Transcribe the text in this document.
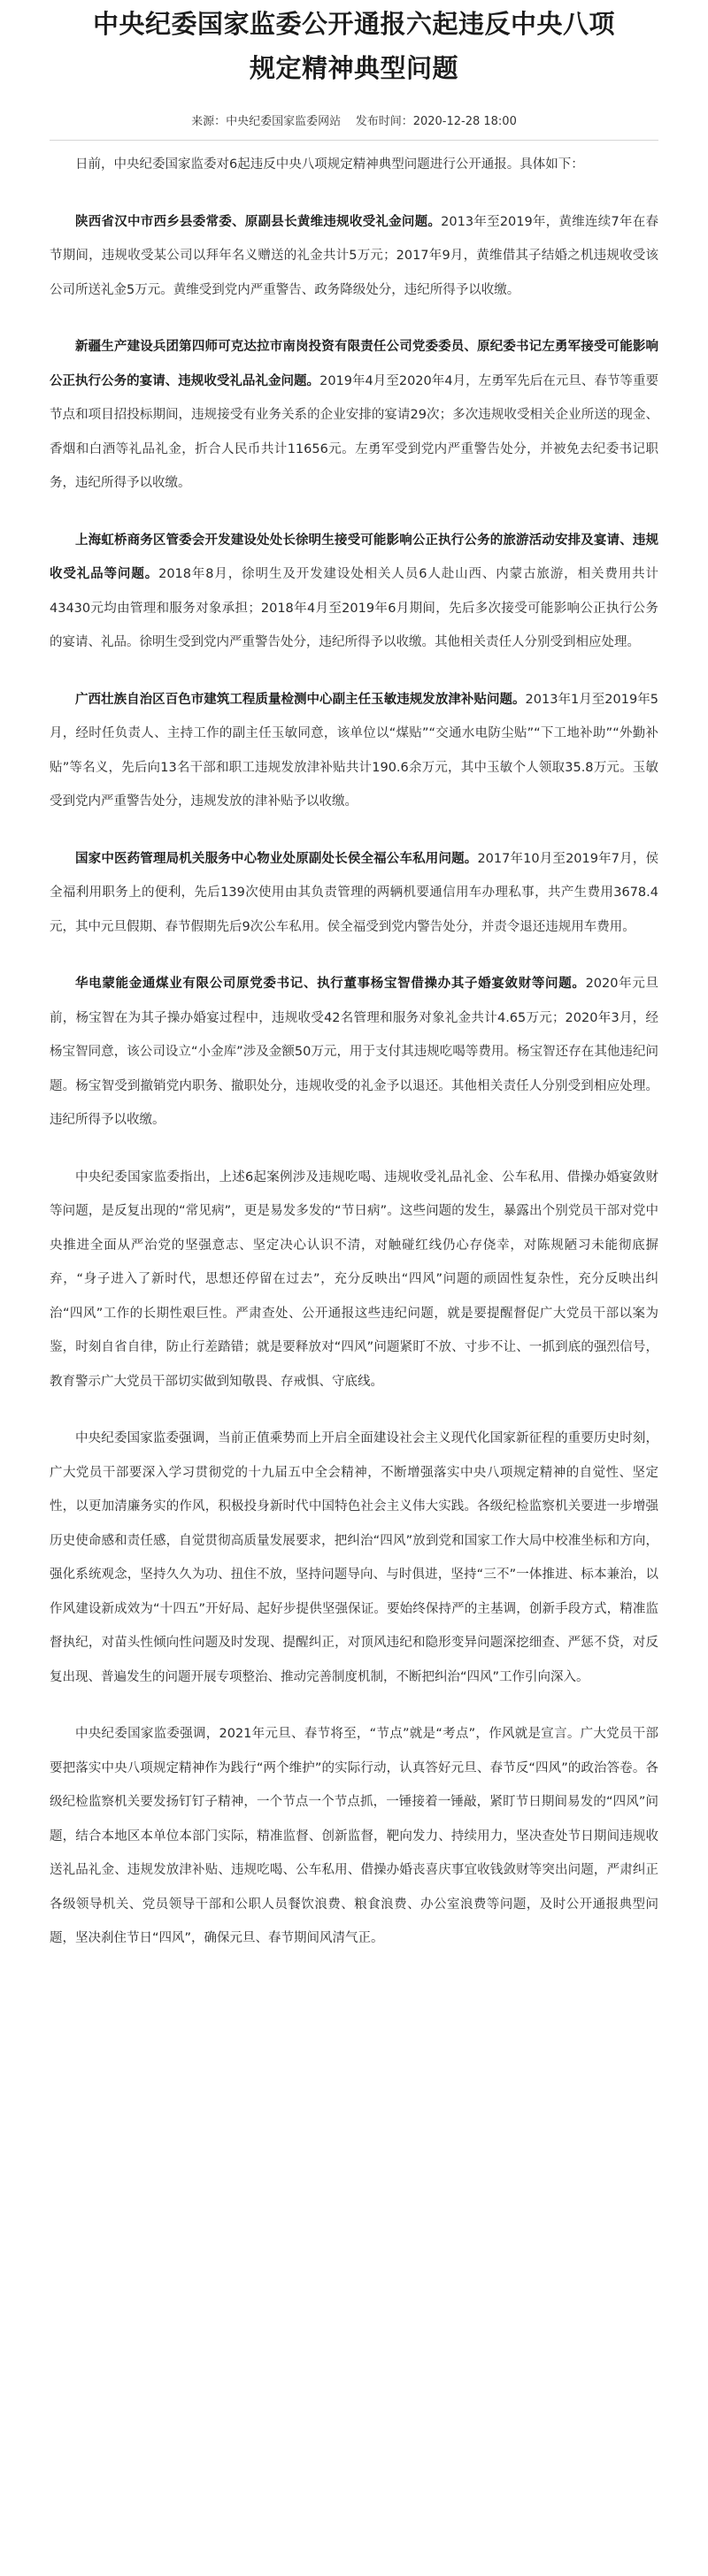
中央纪委国家监委公开通报六起违反中央八项
规定精神典型问题
来源：中央纪委国家监委网站 发布时间：2020-12-28 18:00

日前，中央纪委国家监委对6起违反中央八项规定精神典型问题进行公开通报。具体如下：

陕西省汉中市西乡县委常委、原副县长黄维违规收受礼金问题。2013年至2019年，黄维连续7年在春节期间，违规收受某公司以拜年名义赠送的礼金共计5万元；2017年9月，黄维借其子结婚之机违规收受该公司所送礼金5万元。黄维受到党内严重警告、政务降级处分，违纪所得予以收缴。

新疆生产建设兵团第四师可克达拉市南岗投资有限责任公司党委委员、原纪委书记左勇军接受可能影响公正执行公务的宴请、违规收受礼品礼金问题。2019年4月至2020年4月，左勇军先后在元旦、春节等重要节点和项目招投标期间，违规接受有业务关系的企业安排的宴请29次；多次违规收受相关企业所送的现金、香烟和白酒等礼品礼金，折合人民币共计11656元。左勇军受到党内严重警告处分，并被免去纪委书记职务，违纪所得予以收缴。

上海虹桥商务区管委会开发建设处处长徐明生接受可能影响公正执行公务的旅游活动安排及宴请、违规收受礼品等问题。2018年8月，徐明生及开发建设处相关人员6人赴山西、内蒙古旅游，相关费用共计43430元均由管理和服务对象承担；2018年4月至2019年6月期间，先后多次接受可能影响公正执行公务的宴请、礼品。徐明生受到党内严重警告处分，违纪所得予以收缴。其他相关责任人分别受到相应处理。

广西壮族自治区百色市建筑工程质量检测中心副主任玉敏违规发放津补贴问题。2013年1月至2019年5月，经时任负责人、主持工作的副主任玉敏同意，该单位以“煤贴”“交通水电防尘贴”“下工地补助”“外勤补贴”等名义，先后向13名干部和职工违规发放津补贴共计190.6余万元，其中玉敏个人领取35.8万元。玉敏受到党内严重警告处分，违规发放的津补贴予以收缴。

国家中医药管理局机关服务中心物业处原副处长侯全福公车私用问题。2017年10月至2019年7月，侯全福利用职务上的便利，先后139次使用由其负责管理的两辆机要通信用车办理私事，共产生费用3678.4元，其中元旦假期、春节假期先后9次公车私用。侯全福受到党内警告处分，并责令退还违规用车费用。

华电蒙能金通煤业有限公司原党委书记、执行董事杨宝智借操办其子婚宴敛财等问题。2020年元旦前，杨宝智在为其子操办婚宴过程中，违规收受42名管理和服务对象礼金共计4.65万元；2020年3月，经杨宝智同意，该公司设立“小金库”涉及金额50万元，用于支付其违规吃喝等费用。杨宝智还存在其他违纪问题。杨宝智受到撤销党内职务、撤职处分，违规收受的礼金予以退还。其他相关责任人分别受到相应处理。违纪所得予以收缴。

中央纪委国家监委指出，上述6起案例涉及违规吃喝、违规收受礼品礼金、公车私用、借操办婚宴敛财等问题，是反复出现的“常见病”，更是易发多发的“节日病”。这些问题的发生，暴露出个别党员干部对党中央推进全面从严治党的坚强意志、坚定决心认识不清，对触碰红线仍心存侥幸，对陈规陋习未能彻底摒弃，“身子进入了新时代，思想还停留在过去”，充分反映出“四风”问题的顽固性复杂性，充分反映出纠治“四风”工作的长期性艰巨性。严肃查处、公开通报这些违纪问题，就是要提醒督促广大党员干部以案为鉴，时刻自省自律，防止行差踏错；就是要释放对“四风”问题紧盯不放、寸步不让、一抓到底的强烈信号，教育警示广大党员干部切实做到知敬畏、存戒惧、守底线。

中央纪委国家监委强调，当前正值乘势而上开启全面建设社会主义现代化国家新征程的重要历史时刻，广大党员干部要深入学习贯彻党的十九届五中全会精神，不断增强落实中央八项规定精神的自觉性、坚定性，以更加清廉务实的作风，积极投身新时代中国特色社会主义伟大实践。各级纪检监察机关要进一步增强历史使命感和责任感，自觉贯彻高质量发展要求，把纠治“四风”放到党和国家工作大局中校准坐标和方向，强化系统观念，坚持久久为功、扭住不放，坚持问题导向、与时俱进，坚持“三不”一体推进、标本兼治，以作风建设新成效为“十四五”开好局、起好步提供坚强保证。要始终保持严的主基调，创新手段方式，精准监督执纪，对苗头性倾向性问题及时发现、提醒纠正，对顶风违纪和隐形变异问题深挖细查、严惩不贷，对反复出现、普遍发生的问题开展专项整治、推动完善制度机制，不断把纠治“四风”工作引向深入。

中央纪委国家监委强调，2021年元旦、春节将至，“节点”就是“考点”，作风就是宣言。广大党员干部要把落实中央八项规定精神作为践行“两个维护”的实际行动，认真答好元旦、春节反“四风”的政治答卷。各级纪检监察机关要发扬钉钉子精神，一个节点一个节点抓，一锤接着一锤敲，紧盯节日期间易发的“四风”问题，结合本地区本单位本部门实际，精准监督、创新监督，靶向发力、持续用力，坚决查处节日期间违规收送礼品礼金、违规发放津补贴、违规吃喝、公车私用、借操办婚丧喜庆事宜收钱敛财等突出问题，严肃纠正各级领导机关、党员领导干部和公职人员餐饮浪费、粮食浪费、办公室浪费等问题，及时公开通报典型问题，坚决刹住节日“四风”，确保元旦、春节期间风清气正。
